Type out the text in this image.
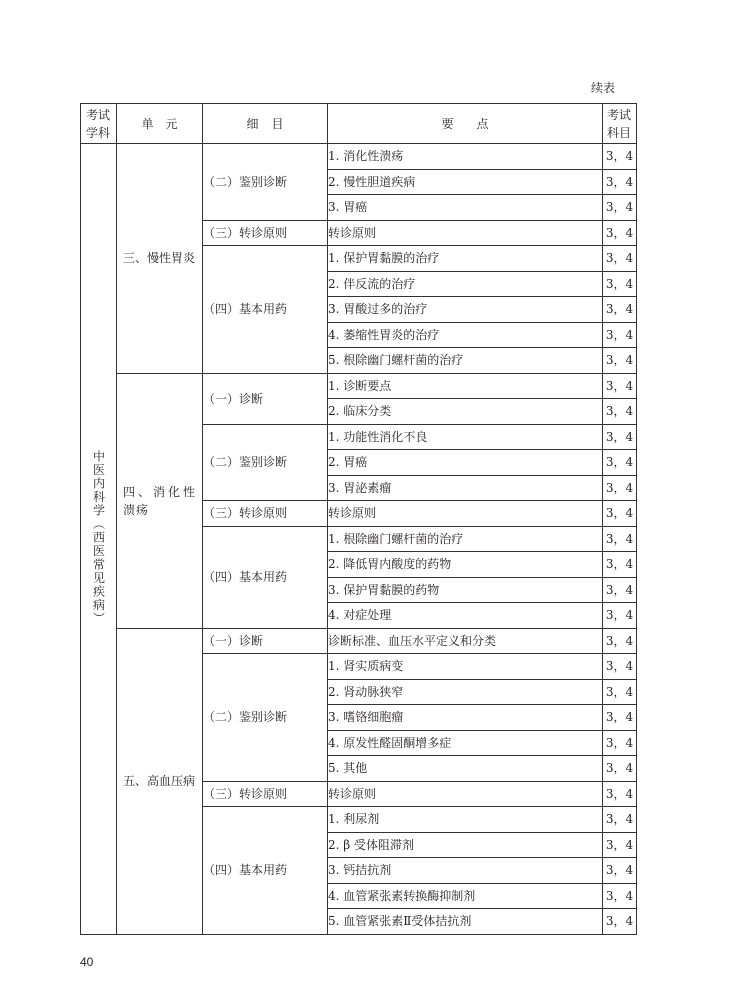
续表
考试学科	单元	细目	要点	考试科目
中医内科学（西医常见疾病）	三、慢性胃炎	（二）鉴别诊断	1. 消化性溃疡	3，4
			2. 慢性胆道疾病	3，4
			3. 胃癌	3，4
		（三）转诊原则	转诊原则	3，4
		（四）基本用药	1. 保护胃黏膜的治疗	3，4
			2. 伴反流的治疗	3，4
			3. 胃酸过多的治疗	3，4
			4. 萎缩性胃炎的治疗	3，4
			5. 根除幽门螺杆菌的治疗	3，4

	四、消化性溃疡	（一）诊断	1. 诊断要点	3，4
			2. 临床分类	3，4
		（二）鉴别诊断	1. 功能性消化不良	3，4
			2. 胃癌	3，4
			3. 胃泌素瘤	3，4
		（三）转诊原则	转诊原则	3，4
		（四）基本用药	1. 根除幽门螺杆菌的治疗	3，4
			2. 降低胃内酸度的药物	3，4
			3. 保护胃黏膜的药物	3，4
			4. 对症处理	3，4

	五、高血压病	（一）诊断	诊断标准、血压水平定义和分类	3，4
		（二）鉴别诊断	1. 肾实质病变	3，4
			2. 肾动脉狭窄	3，4
			3. 嗜铬细胞瘤	3，4
			4. 原发性醛固酮增多症	3，4
			5. 其他	3，4
		（三）转诊原则	转诊原则	3，4
		（四）基本用药	1. 利尿剂	3，4
			2. β 受体阻滞剂	3，4
			3. 钙拮抗剂	3，4
			4. 血管紧张素转换酶抑制剂	3，4
			5. 血管紧张素Ⅱ受体拮抗剂	3，4
40
